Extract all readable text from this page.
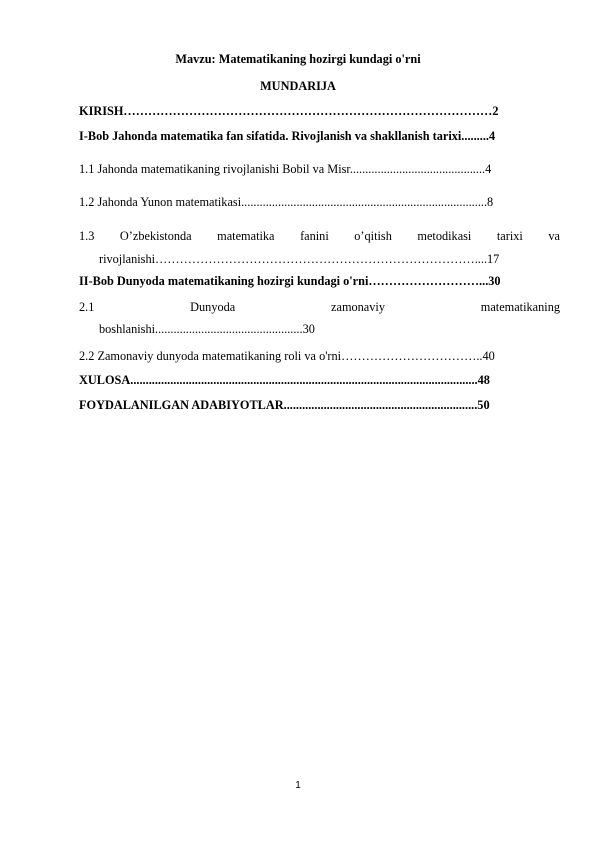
Mavzu: Matematikaning hozirgi kundagi o'rni
MUNDARIJA
KIRISH………………………………………………………………………………2
I-Bob Jahonda matematika fan sifatida. Rivojlanish va shakllanish tarixi.........4
1.1 Jahonda matematikaning rivojlanishi Bobil va Misr............................................4
1.2 Jahonda Yunon matematikasi................................................................................8
1.3 O’zbekistonda matematika fanini o’qitish metodikasi tarixi va
rivojlanishi……………………………………………………………………....17
II-Bob Dunyoda matematikaning hozirgi kundagi o'rni………………………...30
2.1	Dunyoda	zamonaviy	matematikaning
boshlanishi................................................30
2.2 Zamonaviy dunyoda matematikaning roli va o'rni……………………………..40
XULOSA.................................................................................................................48
FOYDALANILGAN ADABIYOTLAR...............................................................50
1
